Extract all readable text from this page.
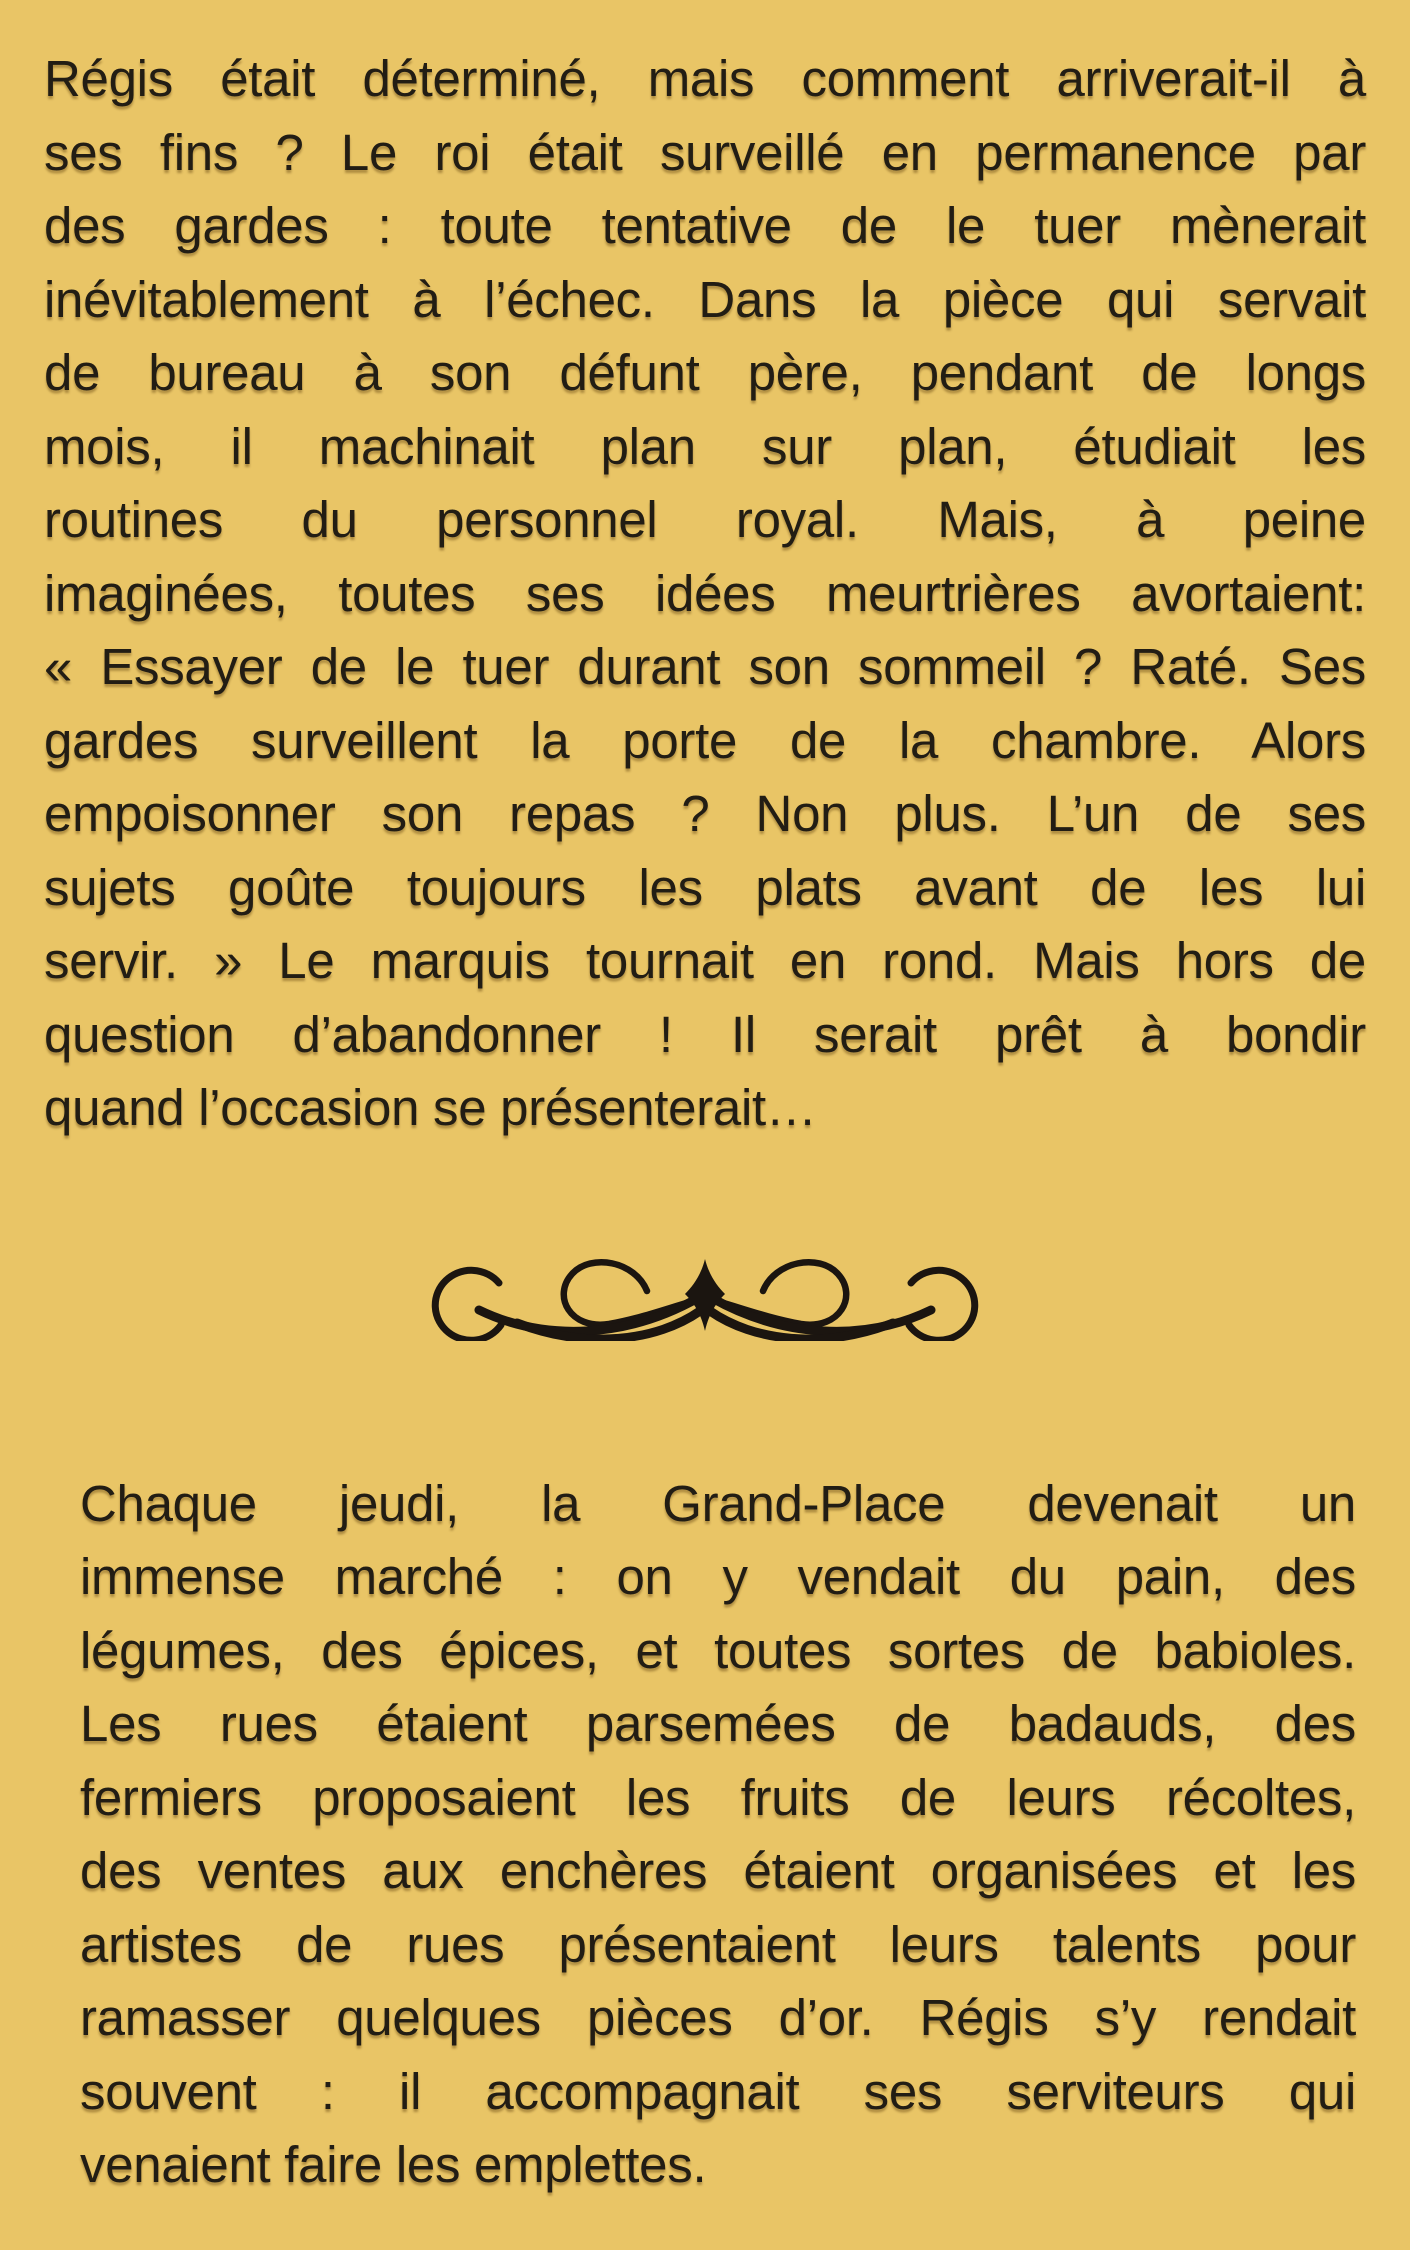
Régis était déterminé, mais comment arriverait-il à
ses fins ? Le roi était surveillé en permanence par
des gardes : toute tentative de le tuer mènerait
inévitablement à l’échec. Dans la pièce qui servait
de bureau à son défunt père, pendant de longs
mois, il machinait plan sur plan, étudiait les
routines du personnel royal. Mais, à peine
imaginées, toutes ses idées meurtrières avortaient:
« Essayer de le tuer durant son sommeil ? Raté. Ses
gardes surveillent la porte de la chambre. Alors
empoisonner son repas ? Non plus. L’un de ses
sujets goûte toujours les plats avant de les lui
servir. » Le marquis tournait en rond. Mais hors de
question d’abandonner ! Il serait prêt à bondir
quand l’occasion se présenterait…
Chaque jeudi, la Grand-Place devenait un
immense marché : on y vendait du pain, des
légumes, des épices, et toutes sortes de babioles.
Les rues étaient parsemées de badauds, des
fermiers proposaient les fruits de leurs récoltes,
des ventes aux enchères étaient organisées et les
artistes de rues présentaient leurs talents pour
ramasser quelques pièces d’or. Régis s’y rendait
souvent : il accompagnait ses serviteurs qui
venaient faire les emplettes.
